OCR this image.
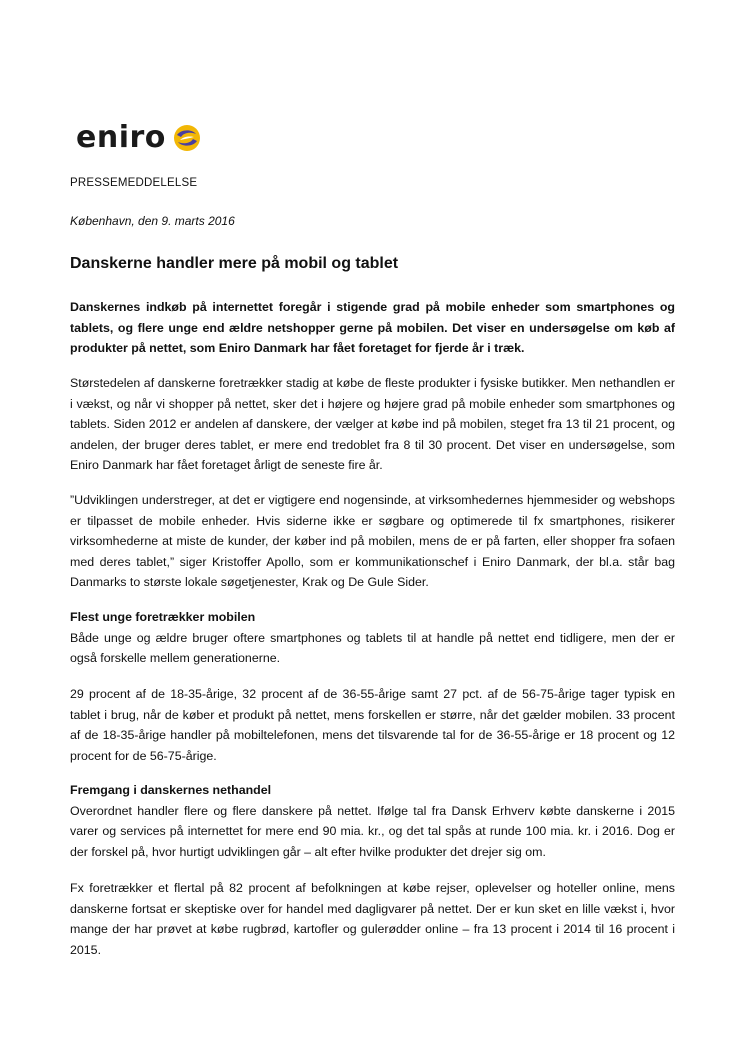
eniro
PRESSEMEDDELELSE
København, den 9. marts 2016
Danskerne handler mere på mobil og tablet

Danskernes indkøb på internettet foregår i stigende grad på mobile enheder som smartphones og tablets, og flere unge end ældre netshopper gerne på mobilen. Det viser en undersøgelse om køb af produkter på nettet, som Eniro Danmark har fået foretaget for fjerde år i træk.

Størstedelen af danskerne foretrækker stadig at købe de fleste produkter i fysiske butikker. Men nethandlen er i vækst, og når vi shopper på nettet, sker det i højere og højere grad på mobile enheder som smartphones og tablets. Siden 2012 er andelen af danskere, der vælger at købe ind på mobilen, steget fra 13 til 21 procent, og andelen, der bruger deres tablet, er mere end tredoblet fra 8 til 30 procent. Det viser en undersøgelse, som Eniro Danmark har fået foretaget årligt de seneste fire år.

”Udviklingen understreger, at det er vigtigere end nogensinde, at virksomhedernes hjemmesider og webshops er tilpasset de mobile enheder. Hvis siderne ikke er søgbare og optimerede til fx smartphones, risikerer virksomhederne at miste de kunder, der køber ind på mobilen, mens de er på farten, eller shopper fra sofaen med deres tablet,” siger Kristoffer Apollo, som er kommunikationschef i Eniro Danmark, der bl.a. står bag Danmarks to største lokale søgetjenester, Krak og De Gule Sider.

Flest unge foretrækker mobilen

Både unge og ældre bruger oftere smartphones og tablets til at handle på nettet end tidligere, men der er også forskelle mellem generationerne.

29 procent af de 18-35-årige, 32 procent af de 36-55-årige samt 27 pct. af de 56-75-årige tager typisk en tablet i brug, når de køber et produkt på nettet, mens forskellen er større, når det gælder mobilen. 33 procent af de 18-35-årige handler på mobiltelefonen, mens det tilsvarende tal for de 36-55-årige er 18 procent og 12 procent for de 56-75-årige.

Fremgang i danskernes nethandel

Overordnet handler flere og flere danskere på nettet. Ifølge tal fra Dansk Erhverv købte danskerne i 2015 varer og services på internettet for mere end 90 mia. kr., og det tal spås at runde 100 mia. kr. i 2016. Dog er der forskel på, hvor hurtigt udviklingen går – alt efter hvilke produkter det drejer sig om.

Fx foretrækker et flertal på 82 procent af befolkningen at købe rejser, oplevelser og hoteller online, mens danskerne fortsat er skeptiske over for handel med dagligvarer på nettet. Der er kun sket en lille vækst i, hvor mange der har prøvet at købe rugbrød, kartofler og gulerødder online – fra 13 procent i 2014 til 16 procent i 2015.
